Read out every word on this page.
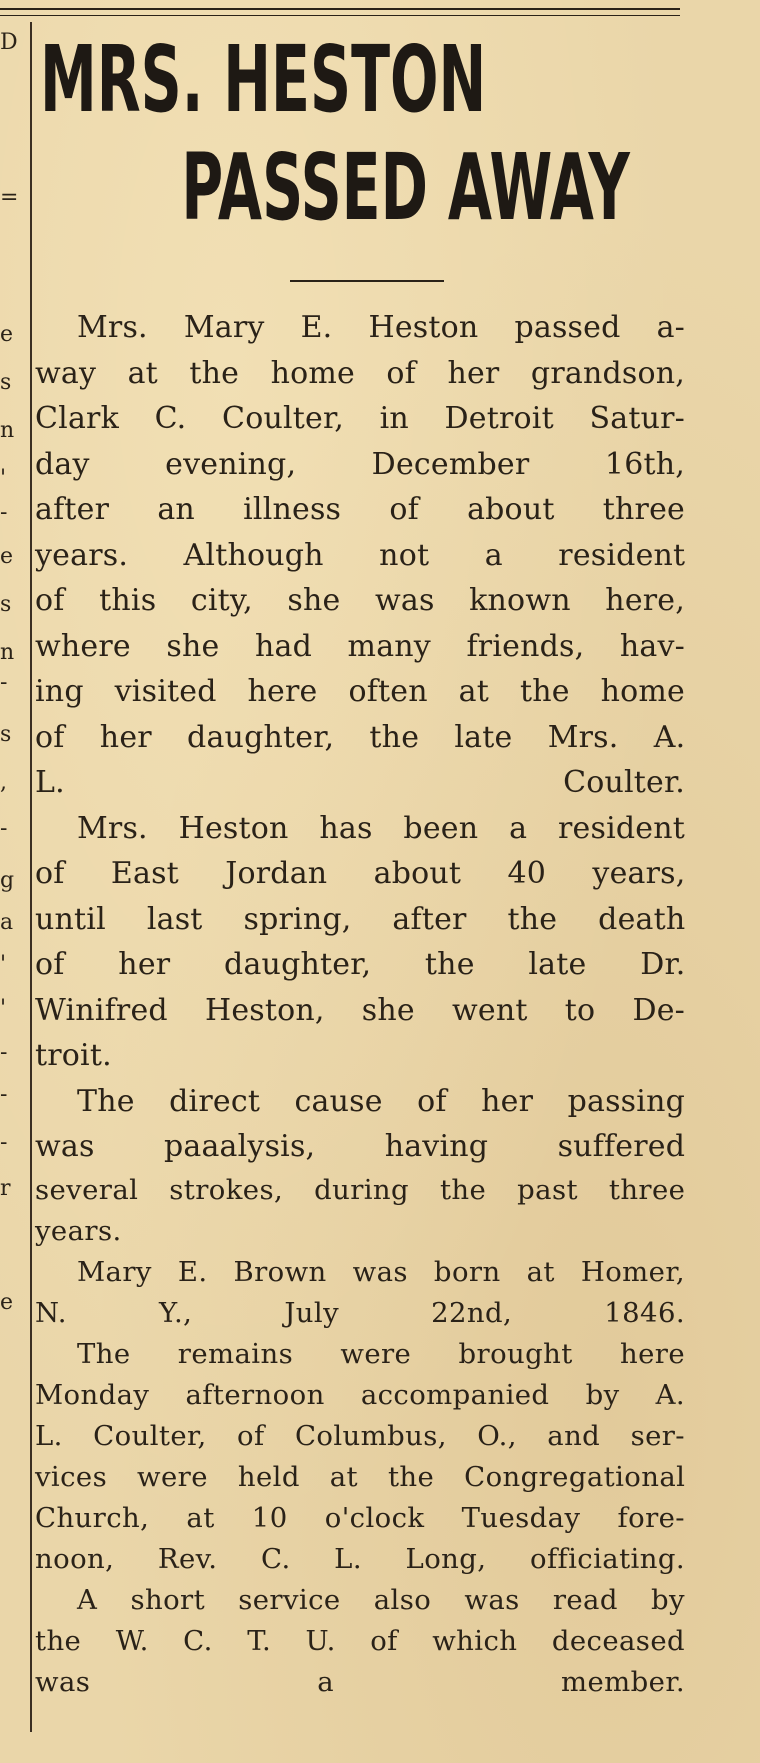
D
=
e
s
n
'
-
e
s
n
-
s
,
-
g
a
'
'
-
-
-
r
e
MRS. HESTON
PASSED AWAY
Mrs. Mary E. Heston passed a-
way at the home of her grandson,
Clark C. Coulter, in Detroit Satur-
day evening, December 16th,
after an illness of about three
years. Although not a resident
of this city, she was known here,
where she had many friends, hav-
ing visited here often at the home
of her daughter, the late Mrs. A.
L. Coulter.
Mrs. Heston has been a resident
of East Jordan about 40 years,
until last spring, after the death
of her daughter, the late Dr.
Winifred Heston, she went to De-
troit.
The direct cause of her passing
was paaalysis, having suffered
several strokes, during the past three
years.
Mary E. Brown was born at Homer,
N. Y., July 22nd, 1846.
The remains were brought here
Monday afternoon accompanied by A.
L. Coulter, of Columbus, O., and ser-
vices were held at the Congregational
Church, at 10 o'clock Tuesday fore-
noon, Rev. C. L. Long, officiating.
A short service also was read by
the W. C. T. U. of which deceased
was a member.
